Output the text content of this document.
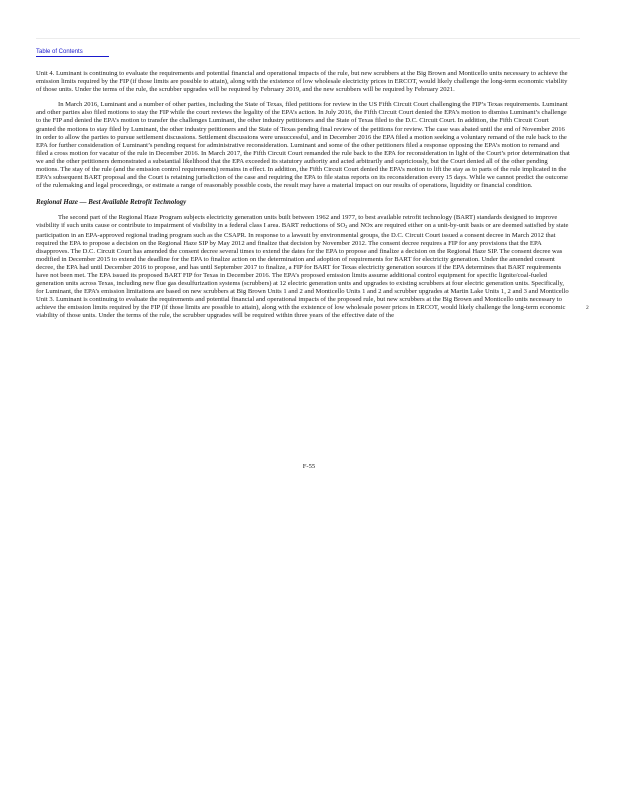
Table of Contents

Unit 4. Luminant is continuing to evaluate the requirements and potential financial and operational impacts of the rule, but new scrubbers at the Big Brown and Monticello units necessary to achieve the emission limits required by the FIP (if those limits are possible to attain), along with the existence of low wholesale electricity prices in ERCOT, would likely challenge the long-term economic viability of those units. Under the terms of the rule, the scrubber upgrades will be required by February 2019, and the new scrubbers will be required by February 2021.

In March 2016, Luminant and a number of other parties, including the State of Texas, filed petitions for review in the US Fifth Circuit Court challenging the FIP’s Texas requirements. Luminant and other parties also filed motions to stay the FIP while the court reviews the legality of the EPA’s action. In July 2016, the Fifth Circuit Court denied the EPA’s motion to dismiss Luminant’s challenge to the FIP and denied the EPA’s motion to transfer the challenges Luminant, the other industry petitioners and the State of Texas filed to the D.C. Circuit Court. In addition, the Fifth Circuit Court granted the motions to stay filed by Luminant, the other industry petitioners and the State of Texas pending final review of the petitions for review. The case was abated until the end of November 2016 in order to allow the parties to pursue settlement discussions. Settlement discussions were unsuccessful, and in December 2016 the EPA filed a motion seeking a voluntary remand of the rule back to the EPA for further consideration of Luminant’s pending request for administrative reconsideration. Luminant and some of the other petitioners filed a response opposing the EPA’s motion to remand and filed a cross motion for vacatur of the rule in December 2016. In March 2017, the Fifth Circuit Court remanded the rule back to the EPA for reconsideration in light of the Court’s prior determination that we and the other petitioners demonstrated a substantial likelihood that the EPA exceeded its statutory authority and acted arbitrarily and capriciously, but the Court denied all of the other pending motions. The stay of the rule (and the emission control requirements) remains in effect. In addition, the Fifth Circuit Court denied the EPA’s motion to lift the stay as to parts of the rule implicated in the EPA’s subsequent BART proposal and the Court is retaining jurisdiction of the case and requiring the EPA to file status reports on its reconsideration every 15 days. While we cannot predict the outcome of the rulemaking and legal proceedings, or estimate a range of reasonably possible costs, the result may have a material impact on our results of operations, liquidity or financial condition.

Regional Haze — Best Available Retrofit Technology

The second part of the Regional Haze Program subjects electricity generation units built between 1962 and 1977, to best available retrofit technology (BART) standards designed to improve visibility if such units cause or contribute to impairment of visibility in a federal class I area. BART reductions of $SO_2$ and NOx are required either on a unit-by-unit basis or are deemed satisfied by state participation in an EPA-approved regional trading program such as the CSAPR. In response to a lawsuit by environmental groups, the D.C. Circuit Court issued a consent decree in March 2012 that required the EPA to propose a decision on the Regional Haze SIP by May 2012 and finalize that decision by November 2012. The consent decree requires a FIP for any provisions that the EPA disapproves. The D.C. Circuit Court has amended the consent decree several times to extend the dates for the EPA to propose and finalize a decision on the Regional Haze SIP. The consent decree was modified in December 2015 to extend the deadline for the EPA to finalize action on the determination and adoption of requirements for BART for electricity generation. Under the amended consent decree, the EPA had until December 2016 to propose, and has until September 2017 to finalize, a FIP for BART for Texas electricity generation sources if the EPA determines that BART requirements have not been met. The EPA issued its proposed BART FIP for Texas in December 2016. The EPA’s proposed emission limits assume additional control equipment for specific lignite/coal-fueled generation units across Texas, including new flue gas desulfurization systems (scrubbers) at 12 electric generation units and upgrades to existing scrubbers at four electric generation units. Specifically, for Luminant, the EPA’s emission limitations are based on new scrubbers at Big Brown Units 1 and 2 and Monticello Units 1 and 2 and scrubber upgrades at Martin Lake Units 1, 2 and 3 and Monticello Unit 3. Luminant is continuing to evaluate the requirements and potential financial and operational impacts of the proposed rule, but new scrubbers at the Big Brown and Monticello units necessary to achieve the emission limits required by the FIP (if those limits are possible to attain), along with the existence of low wholesale power prices in ERCOT, would likely challenge the long-term economic viability of those units. Under the terms of the rule, the scrubber upgrades will be required within three years of the effective date of the

2
F-55
